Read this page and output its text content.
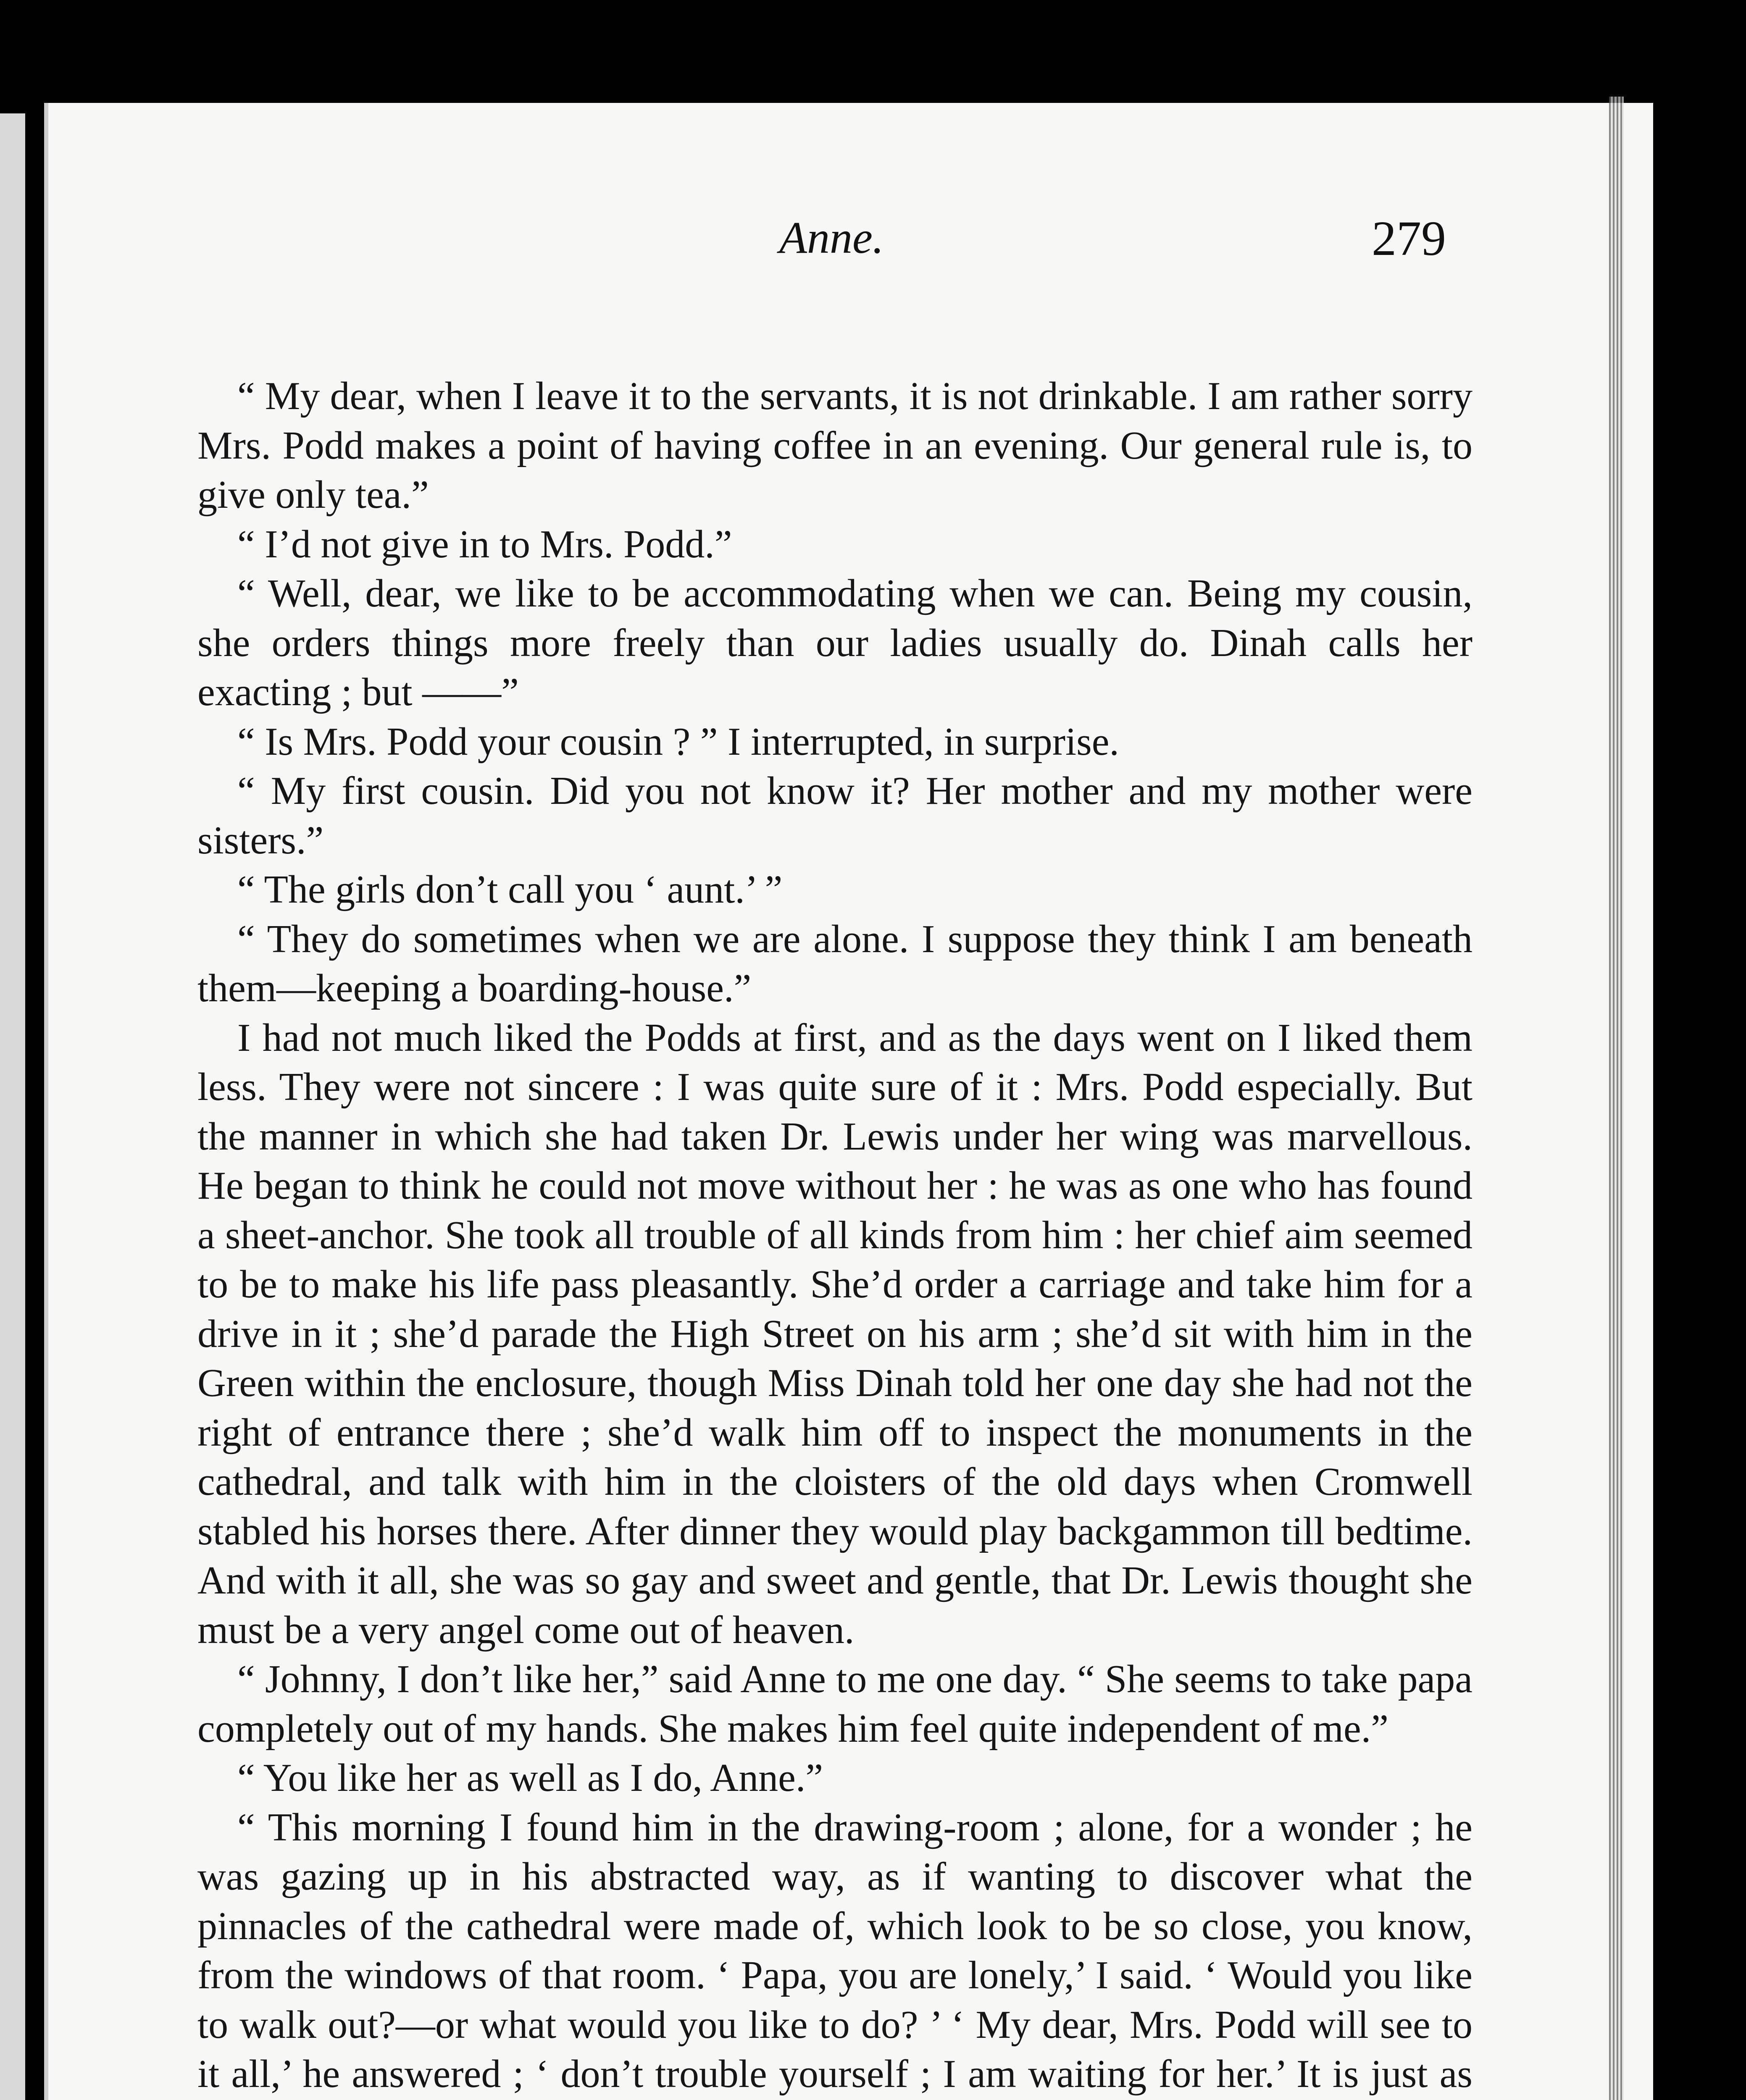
Anne.	279

“ My dear, when I leave it to the servants, it is not drinkable. I am rather sorry Mrs. Podd makes a point of having coffee in an evening. Our general rule is, to give only tea.”

“ I’d not give in to Mrs. Podd.”

“ Well, dear, we like to be accommodating when we can. Being my cousin, she orders things more freely than our ladies usually do. Dinah calls her exacting ; but ——”

“ Is Mrs. Podd your cousin ? ” I interrupted, in surprise.

“ My first cousin. Did you not know it? Her mother and my mother were sisters.”

“ The girls don’t call you ‘ aunt.’ ”

“ They do sometimes when we are alone. I suppose they think I am beneath them—keeping a boarding-house.”

I had not much liked the Podds at first, and as the days went on I liked them less. They were not sincere : I was quite sure of it : Mrs. Podd especially. But the manner in which she had taken Dr. Lewis under her wing was marvellous. He began to think he could not move without her : he was as one who has found a sheet-anchor. She took all trouble of all kinds from him : her chief aim seemed to be to make his life pass pleasantly. She’d order a carriage and take him for a drive in it ; she’d parade the High Street on his arm ; she’d sit with him in the Green within the enclosure, though Miss Dinah told her one day she had not the right of entrance there ; she’d walk him off to inspect the monuments in the cathedral, and talk with him in the cloisters of the old days when Cromwell stabled his horses there. After dinner they would play backgammon till bedtime. And with it all, she was so gay and sweet and gentle, that Dr. Lewis thought she must be a very angel come out of heaven.

“ Johnny, I don’t like her,” said Anne to me one day. “ She seems to take papa completely out of my hands. She makes him feel quite independent of me.”

“ You like her as well as I do, Anne.”

“ This morning I found him in the drawing-room ; alone, for a wonder ; he was gazing up in his abstracted way, as if wanting to discover what the pinnacles of the cathedral were made of, which look to be so close, you know, from the windows of that room. ‘ Papa, you are lonely,’ I said. ‘ Would you like to walk out?—or what would you like to do? ’ ‘ My dear, Mrs. Podd will see to it all,’ he answered ; ‘ don’t trouble yourself ; I am waiting for her.’ It is just as
